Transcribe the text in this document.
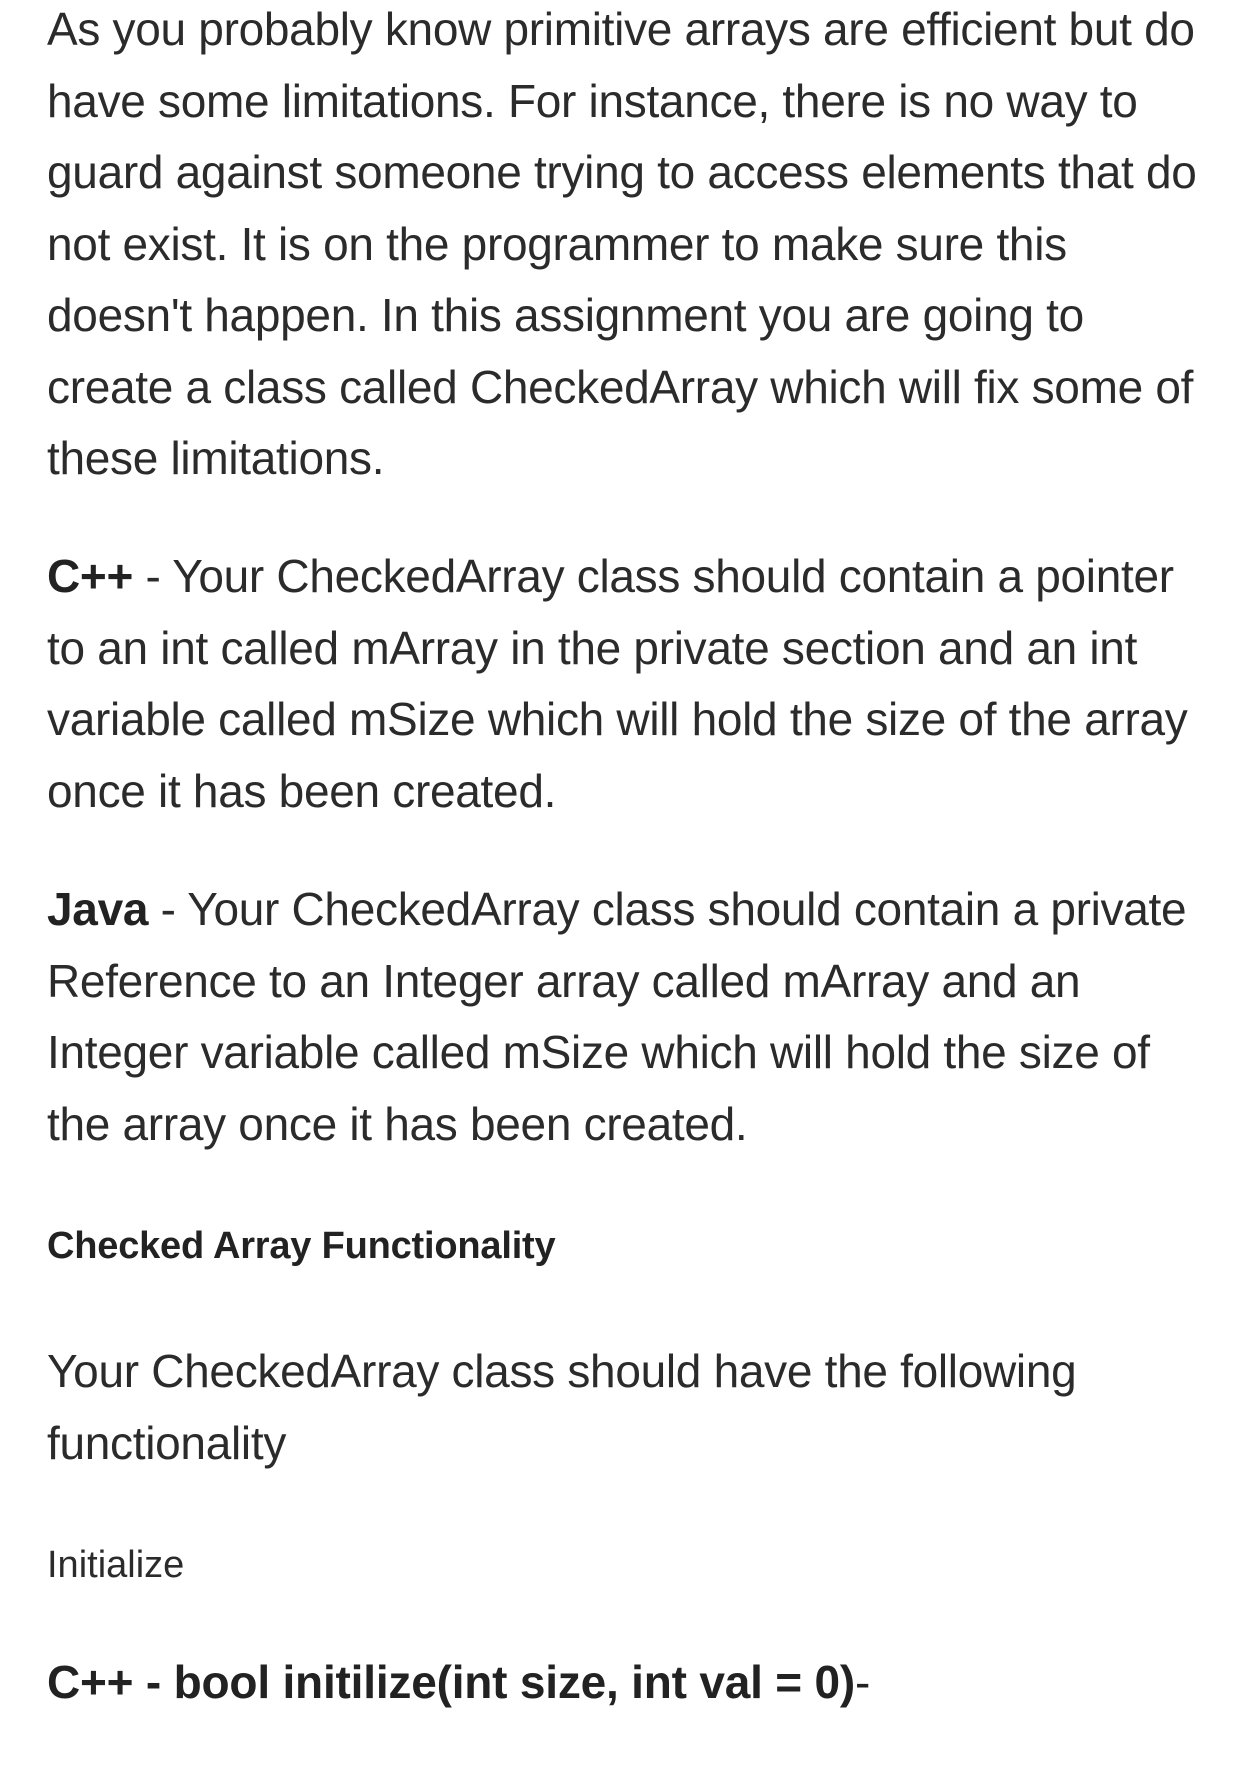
As you probably know primitive arrays are efficient but do have some limitations. For instance, there is no way to guard against someone trying to access elements that do not exist. It is on the programmer to make sure this doesn't happen. In this assignment you are going to create a class called CheckedArray which will fix some of these limitations.

C++ - Your CheckedArray class should contain a pointer to an int called mArray in the private section and an int variable called mSize which will hold the size of the array once it has been created.

Java - Your CheckedArray class should contain a private Reference to an Integer array called mArray and an Integer variable called mSize which will hold the size of the array once it has been created.

Checked Array Functionality

Your CheckedArray class should have the following functionality

Initialize

C++ - bool initilize(int size, int val = 0)-
